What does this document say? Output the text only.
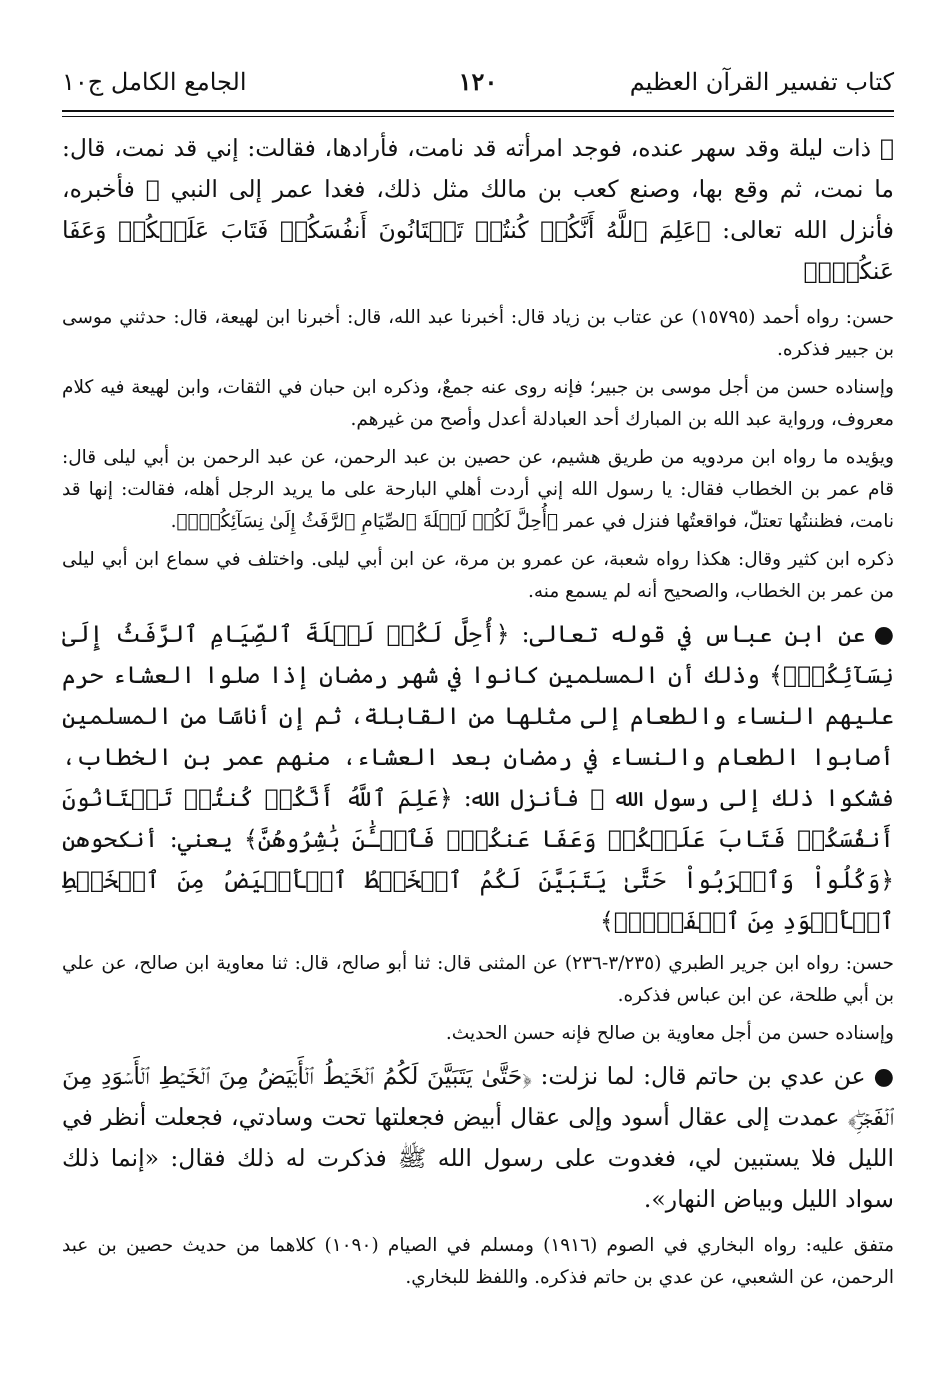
كتاب تفسير القرآن العظيم
١٢٠
الجامع الكامل ج١٠

ﷺ ذات ليلة وقد سهر عنده، فوجد امرأته قد نامت، فأرادها، فقالت: إني قد نمت، قال: ما نمت، ثم وقع بها، وصنع كعب بن مالك مثل ذلك، فغدا عمر إلى النبي ﷺ فأخبره، فأنزل الله تعالى: ﴿عَلِمَ ٱللَّهُ أَنَّكُمۡ كُنتُمۡ تَخۡتَانُونَ أَنفُسَكُمۡ فَتَابَ عَلَيۡكُمۡ وَعَفَا عَنكُمۡۖ﴾

حسن: رواه أحمد (١٥٧٩٥) عن عتاب بن زياد قال: أخبرنا عبد الله، قال: أخبرنا ابن لهيعة، قال: حدثني موسى بن جبير فذكره.

وإسناده حسن من أجل موسى بن جبير؛ فإنه روى عنه جمعٌ، وذكره ابن حبان في الثقات، وابن لهيعة فيه كلام معروف، ورواية عبد الله بن المبارك أحد العبادلة أعدل وأصح من غيرهم.

ويؤيده ما رواه ابن مردويه من طريق هشيم، عن حصين بن عبد الرحمن، عن عبد الرحمن بن أبي ليلى قال: قام عمر بن الخطاب فقال: يا رسول الله إني أردت أهلي البارحة على ما يريد الرجل أهله، فقالت: إنها قد نامت، فظننتُها تعتلّ، فواقعتُها فنزل في عمر ﴿أُحِلَّ لَكُمۡ لَيۡلَةَ ٱلصِّيَامِ ٱلرَّفَثُ إِلَىٰ نِسَآئِكُمۡۚ﴾.

ذكره ابن كثير وقال: هكذا رواه شعبة، عن عمرو بن مرة، عن ابن أبي ليلى. واختلف في سماع ابن أبي ليلى من عمر بن الخطاب، والصحيح أنه لم يسمع منه.

●عن ابن عباس في قوله تعالى: ﴿أُحِلَّ لَكُمۡ لَيۡلَةَ ٱلصِّيَامِ ٱلرَّفَثُ إِلَىٰ نِسَآئِكُمۡۚ﴾ وذلك أن المسلمين كانوا في شهر رمضان إذا صلوا العشاء حرم عليهم النساء والطعام إلى مثلها من القابلة، ثم إن أناسًا من المسلمين أصابوا الطعام والنساء في رمضان بعد العشاء، منهم عمر بن الخطاب، فشكوا ذلك إلى رسول الله ﷺ فأنزل الله: ﴿عَلِمَ ٱللَّهُ أَنَّكُمۡ كُنتُمۡ تَخۡتَانُونَ أَنفُسَكُمۡ فَتَابَ عَلَيۡكُمۡ وَعَفَا عَنكُمۡۖ فَٱلۡـَٰٔنَ بَٰشِرُوهُنَّ﴾ يعني: أنكحوهن ﴿وَكُلُواْ وَٱشۡرَبُواْ حَتَّىٰ يَتَبَيَّنَ لَكُمُ ٱلۡخَيۡطُ ٱلۡأَبۡيَضُ مِنَ ٱلۡخَيۡطِ ٱلۡأَسۡوَدِ مِنَ ٱلۡفَجۡرِۖ﴾

حسن: رواه ابن جرير الطبري (٣/٢٣٥-٢٣٦) عن المثنى قال: ثنا أبو صالح، قال: ثنا معاوية ابن صالح، عن علي بن أبي طلحة، عن ابن عباس فذكره.

وإسناده حسن من أجل معاوية بن صالح فإنه حسن الحديث.

●عن عدي بن حاتم قال: لما نزلت: ﴿حَتَّىٰ يَتَبَيَّنَ لَكُمُ ٱلۡخَيۡطُ ٱلۡأَبۡيَضُ مِنَ ٱلۡخَيۡطِ ٱلۡأَسۡوَدِ مِنَ ٱلۡفَجۡرِۖ﴾ عمدت إلى عقال أسود وإلى عقال أبيض فجعلتها تحت وسادتي، فجعلت أنظر في الليل فلا يستبين لي، فغدوت على رسول الله ﷺ فذكرت له ذلك فقال: «إنما ذلك سواد الليل وبياض النهار».

متفق عليه: رواه البخاري في الصوم (١٩١٦) ومسلم في الصيام (١٠٩٠) كلاهما من حديث حصين بن عبد الرحمن، عن الشعبي، عن عدي بن حاتم فذكره. واللفظ للبخاري.
